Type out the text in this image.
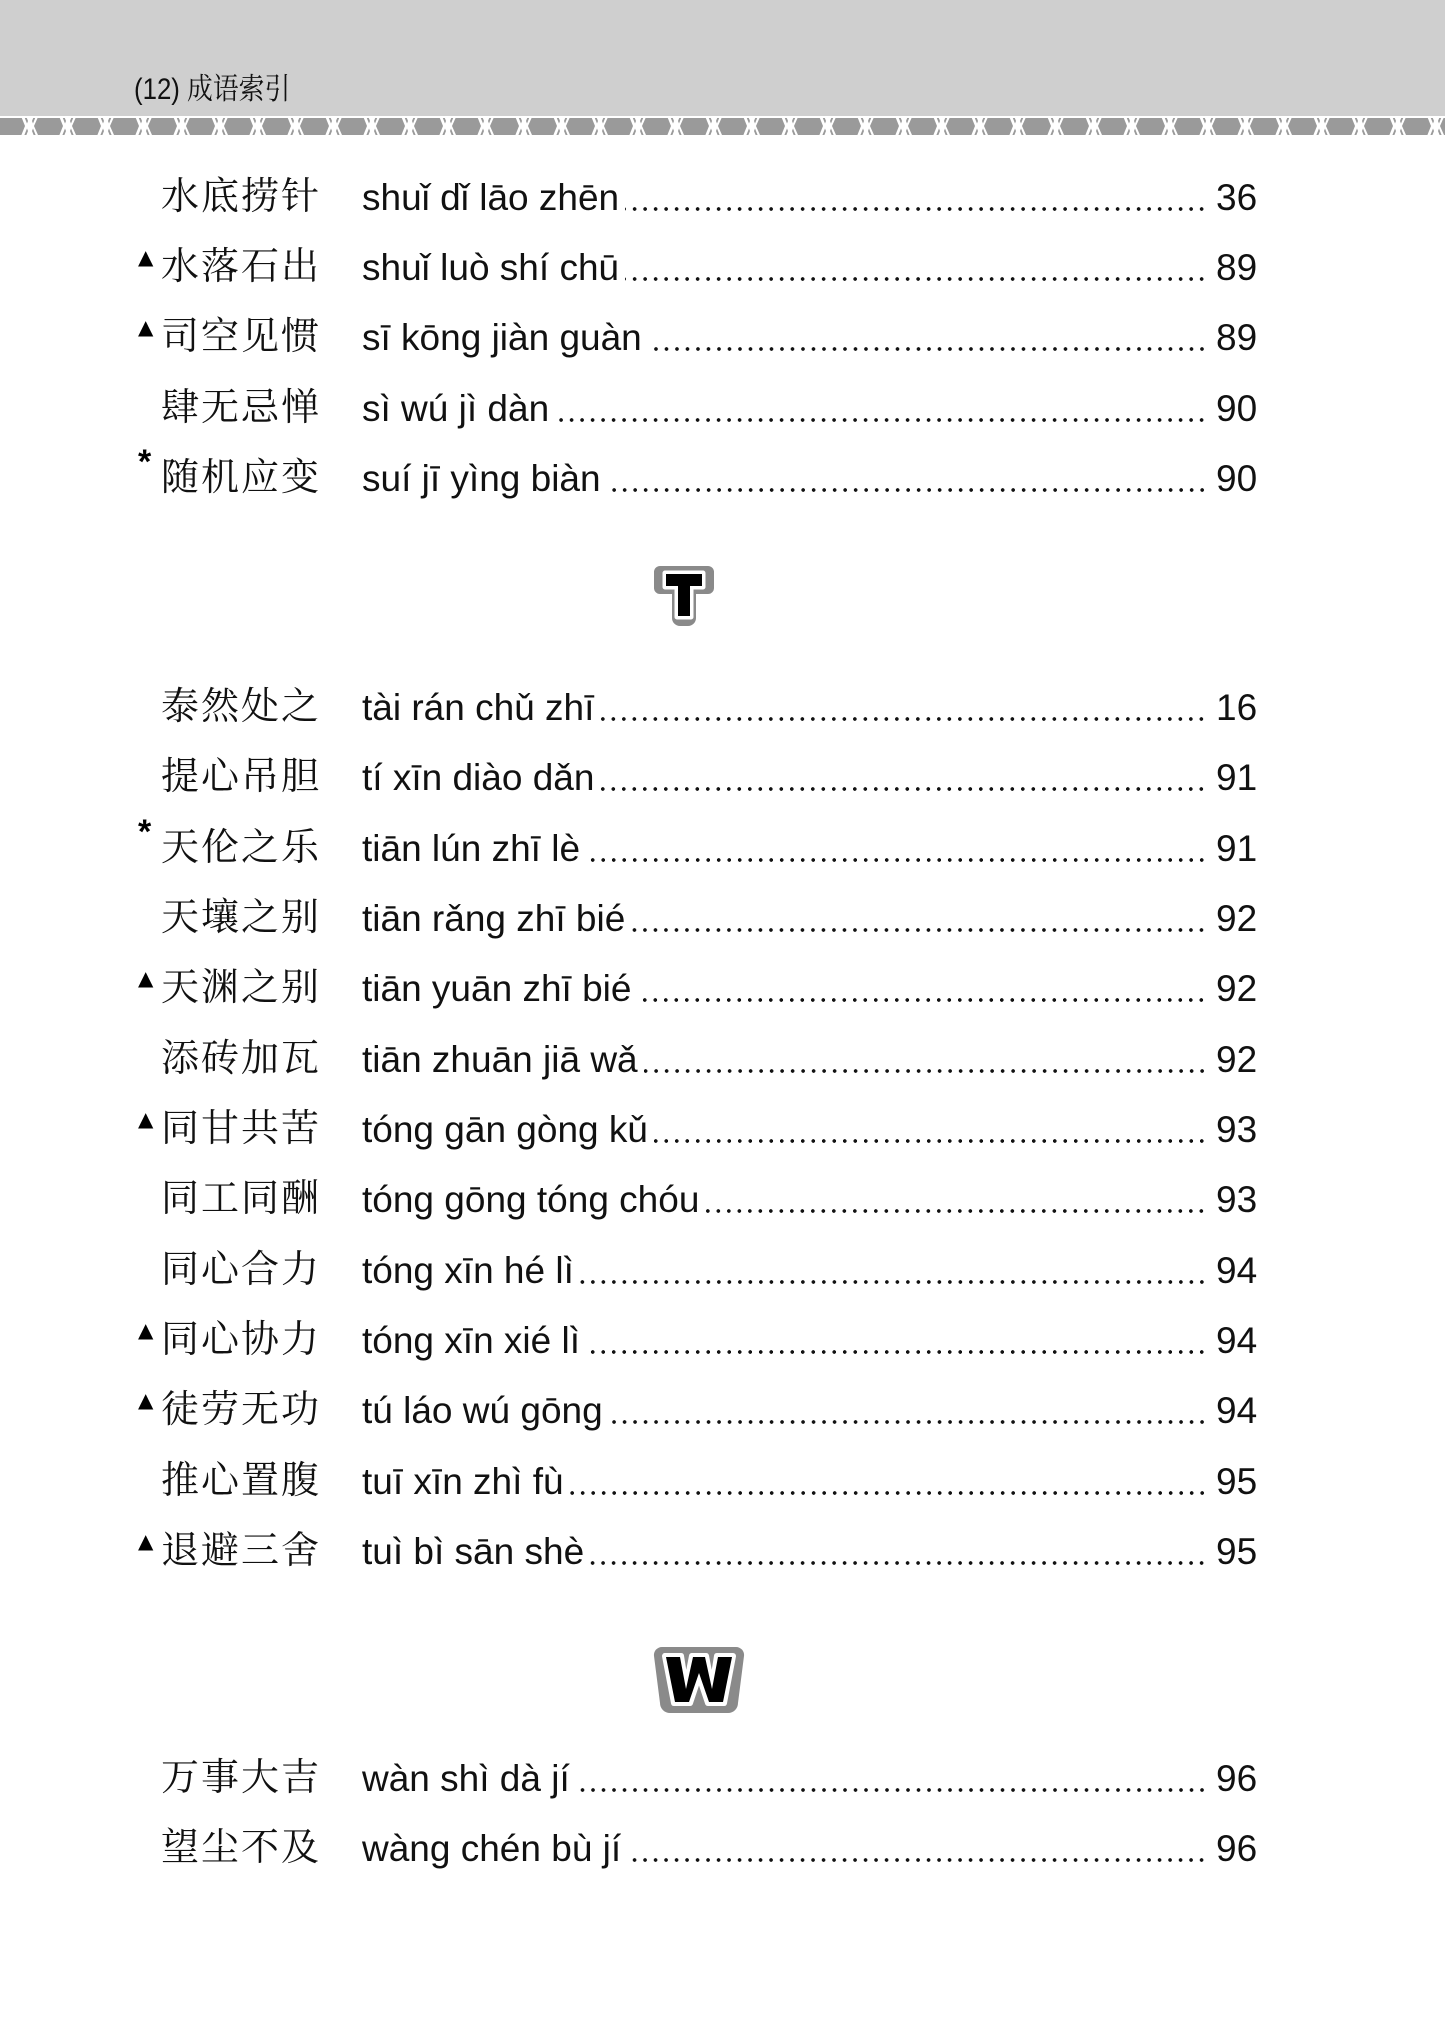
(12) 成语索引
水底捞针 shuǐ dǐ lāo zhēn	36
▲ 水落石出 shuǐ luò shí chū	89
▲ 司空见惯 sī kōng jiàn guàn	89
肆无忌惮 sì wú jì dàn	90
* 随机应变 suí jī yìng biàn	90
泰然处之 tài rán chǔ zhī	16
提心吊胆 tí xīn diào dǎn	91
* 天伦之乐 tiān lún zhī lè	91
天壤之别 tiān rǎng zhī bié	92
▲ 天渊之别 tiān yuān zhī bié	92
添砖加瓦 tiān zhuān jiā wǎ	92
▲ 同甘共苦 tóng gān gòng kǔ	93
同工同酬 tóng gōng tóng chóu	93
同心合力 tóng xīn hé lì	94
▲ 同心协力 tóng xīn xié lì	94
▲ 徒劳无功 tú láo wú gōng	94
推心置腹 tuī xīn zhì fù	95
▲ 退避三舍 tuì bì sān shè	95
万事大吉 wàn shì dà jí	96
望尘不及 wàng chén bù jí	96
